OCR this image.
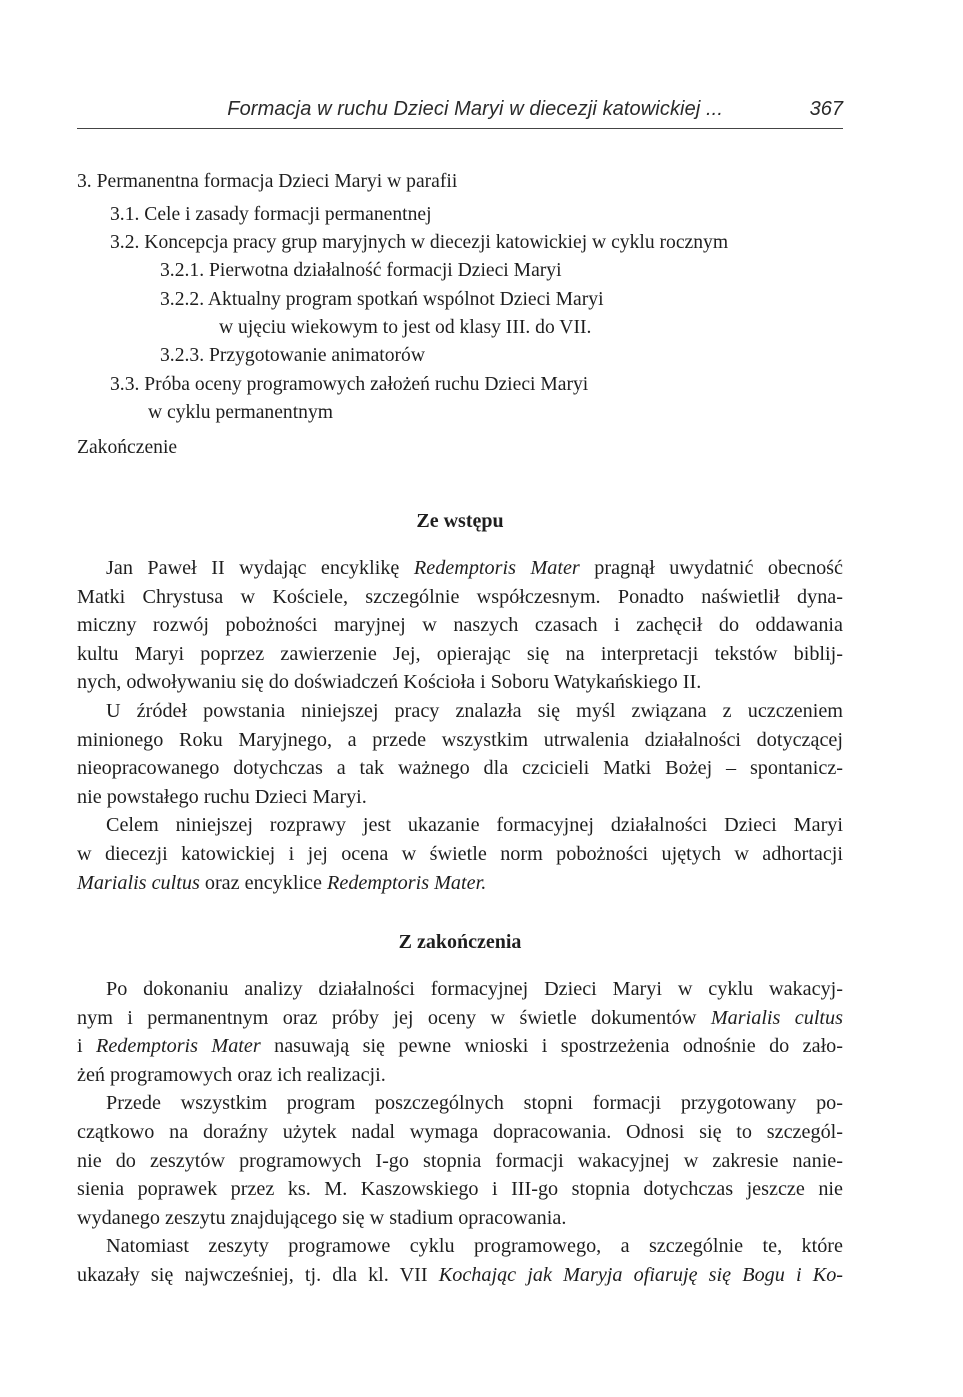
Formacja w ruchu Dzieci Maryi w diecezji katowickiej ...	367
3. Permanentna formacja Dzieci Maryi w parafii
3.1. Cele i zasady formacji permanentnej
3.2. Koncepcja pracy grup maryjnych w diecezji katowickiej w cyklu rocznym
3.2.1. Pierwotna działalność formacji Dzieci Maryi
3.2.2. Aktualny program spotkań wspólnot Dzieci Maryi
w ujęciu wiekowym to jest od klasy III. do VII.
3.2.3. Przygotowanie animatorów
3.3. Próba oceny programowych założeń ruchu Dzieci Maryi
w cyklu permanentnym
Zakończenie
Ze wstępu
Jan Paweł II wydając encyklikę Redemptoris Mater pragnął uwydatnić obecność
Matki Chrystusa w Kościele, szczególnie współczesnym. Ponadto naświetlił dyna-
miczny rozwój pobożności maryjnej w naszych czasach i zachęcił do oddawania
kultu Maryi poprzez zawierzenie Jej, opierając się na interpretacji tekstów biblij-
nych, odwoływaniu się do doświadczeń Kościoła i Soboru Watykańskiego II.
U źródeł powstania niniejszej pracy znalazła się myśl związana z uczczeniem
minionego Roku Maryjnego, a przede wszystkim utrwalenia działalności dotyczącej
nieopracowanego dotychczas a tak ważnego dla czcicieli Matki Bożej – spontanicz-
nie powstałego ruchu Dzieci Maryi.
Celem niniejszej rozprawy jest ukazanie formacyjnej działalności Dzieci Maryi
w diecezji katowickiej i jej ocena w świetle norm pobożności ujętych w adhortacji
Marialis cultus oraz encyklice Redemptoris Mater.
Z zakończenia
Po dokonaniu analizy działalności formacyjnej Dzieci Maryi w cyklu wakacyj-
nym i permanentnym oraz próby jej oceny w świetle dokumentów Marialis cultus
i Redemptoris Mater nasuwają się pewne wnioski i spostrzeżenia odnośnie do zało-
żeń programowych oraz ich realizacji.
Przede wszystkim program poszczególnych stopni formacji przygotowany po-
czątkowo na doraźny użytek nadal wymaga dopracowania. Odnosi się to szczegól-
nie do zeszytów programowych I-go stopnia formacji wakacyjnej w zakresie nanie-
sienia poprawek przez ks. M. Kaszowskiego i III-go stopnia dotychczas jeszcze nie
wydanego zeszytu znajdującego się w stadium opracowania.
Natomiast zeszyty programowe cyklu programowego, a szczególnie te, które
ukazały się najwcześniej, tj. dla kl. VII Kochając jak Maryja ofiaruję się Bogu i Ko-
